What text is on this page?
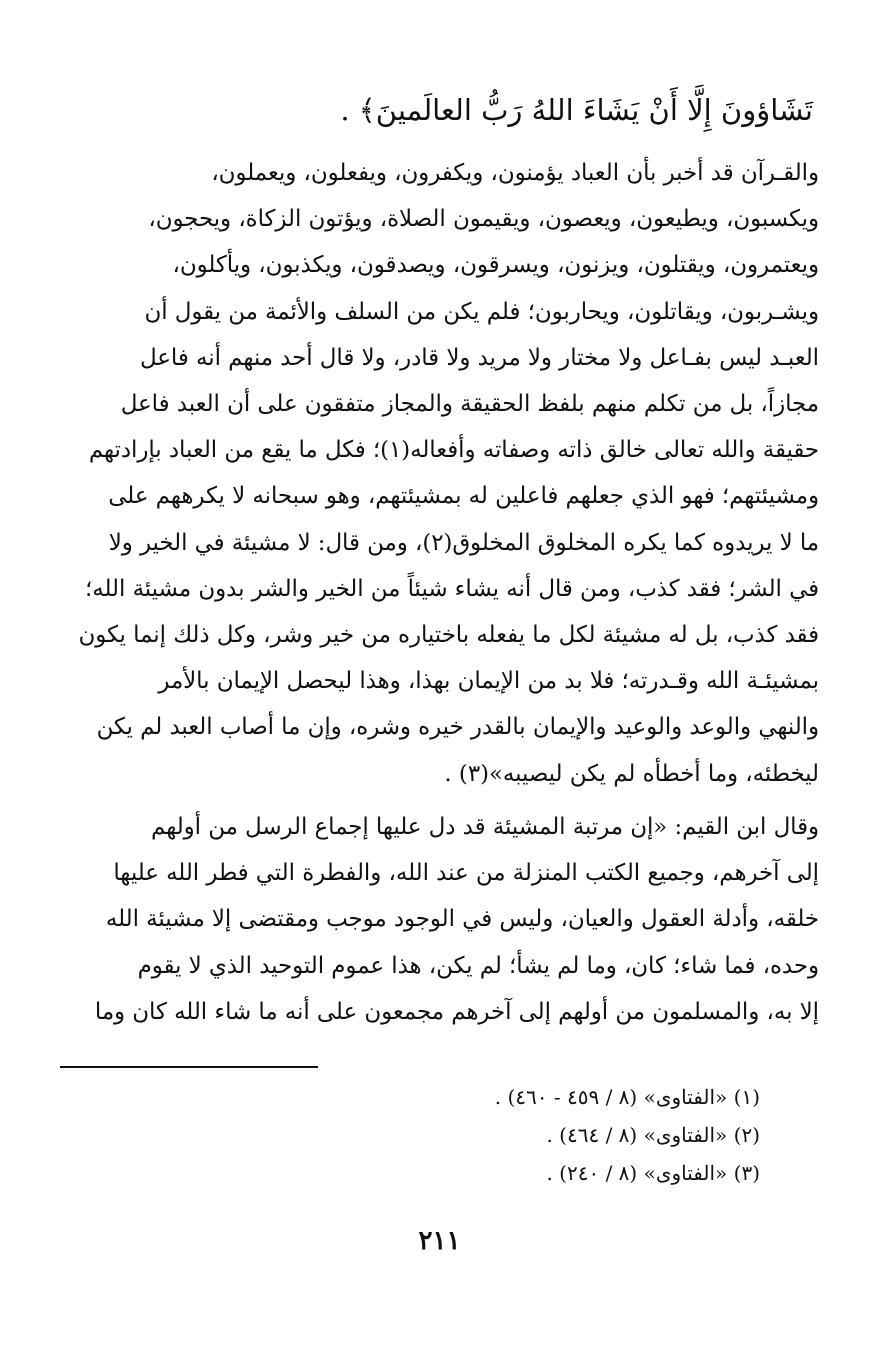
تَشَاؤونَ إِلَّا أَنْ يَشَاءَ اللهُ رَبُّ العالَمينَ﴾ .
والقـرآن قد أخبر بأن العباد يؤمنون، ويكفرون، ويفعلون، ويعملون،
ويكسبون، ويطيعون، ويعصون، ويقيمون الصلاة، ويؤتون الزكاة، ويحجون،
ويعتمرون، ويقتلون، ويزنون، ويسرقون، ويصدقون، ويكذبون، ويأكلون،
ويشـربون، ويقاتلون، ويحاربون؛ فلم يكن من السلف والأئمة من يقول أن
العبـد ليس بفـاعل ولا مختار ولا مريد ولا قادر، ولا قال أحد منهم أنه فاعل
مجازاً، بل من تكلم منهم بلفظ الحقيقة والمجاز متفقون على أن العبد فاعل
حقيقة والله تعالى خالق ذاته وصفاته وأفعاله(١)؛ فكل ما يقع من العباد بإرادتهم
ومشيئتهم؛ فهو الذي جعلهم فاعلين له بمشيئتهم، وهو سبحانه لا يكرههم على
ما لا يريدوه كما يكره المخلوق المخلوق(٢)، ومن قال: لا مشيئة في الخير ولا
في الشر؛ فقد كذب، ومن قال أنه يشاء شيئاً من الخير والشر بدون مشيئة الله؛
فقد كذب، بل له مشيئة لكل ما يفعله باختياره من خير وشر، وكل ذلك إنما يكون
بمشيئـة الله وقـدرته؛ فلا بد من الإيمان بهذا، وهذا ليحصل الإيمان بالأمر
والنهي والوعد والوعيد والإيمان بالقدر خيره وشره، وإن ما أصاب العبد لم يكن
ليخطئه، وما أخطأه لم يكن ليصيبه»(٣) .
وقال ابن القيم: «إن مرتبة المشيئة قد دل عليها إجماع الرسل من أولهم
إلى آخرهم، وجميع الكتب المنزلة من عند الله، والفطرة التي فطر الله عليها
خلقه، وأدلة العقول والعيان، وليس في الوجود موجب ومقتضى إلا مشيئة الله
وحده، فما شاء؛ كان، وما لم يشأ؛ لم يكن، هذا عموم التوحيد الذي لا يقوم
إلا به، والمسلمون من أولهم إلى آخرهم مجمعون على أنه ما شاء الله كان وما
(١) «الفتاوى» (٨ / ٤٥٩ - ٤٦٠) .
(٢) «الفتاوى» (٨ / ٤٦٤) .
(٣) «الفتاوى» (٨ / ٢٤٠) .
٢١١
